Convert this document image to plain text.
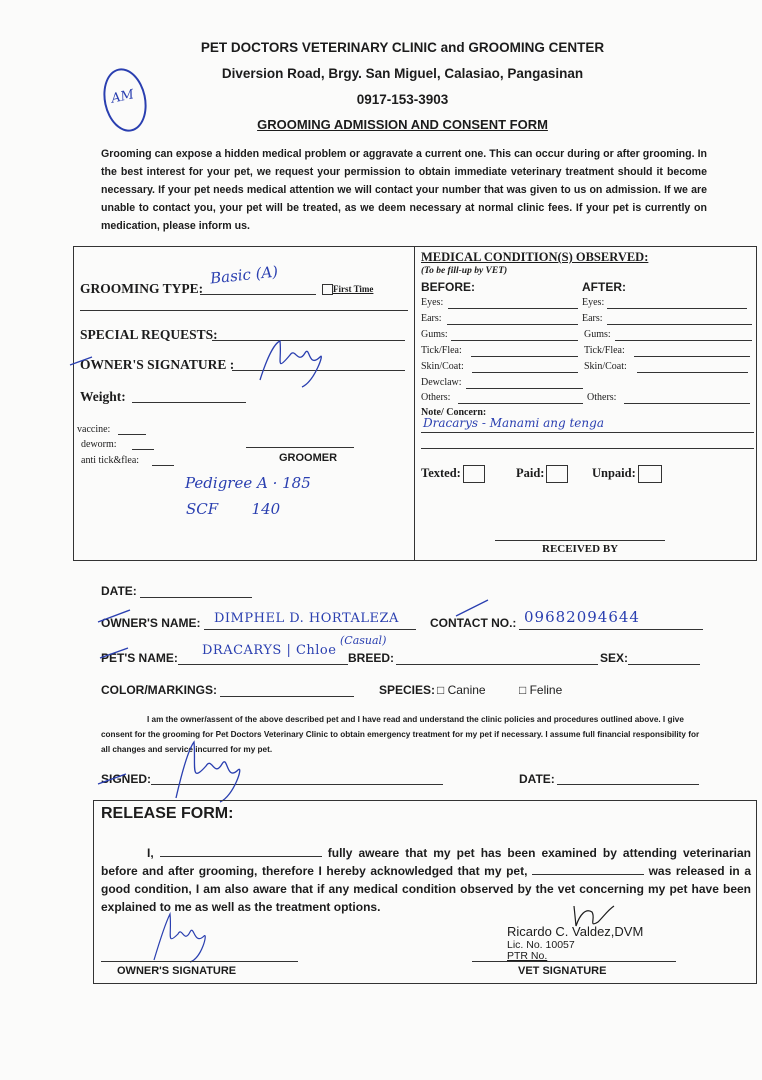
PET DOCTORS VETERINARY CLINIC and GROOMING CENTER
Diversion Road, Brgy. San Miguel, Calasiao, Pangasinan
0917-153-3903
GROOMING ADMISSION AND CONSENT FORM
AM
Grooming can expose a hidden medical problem or aggravate a current one. This can occur during or after grooming. In the best interest for your pet, we request your permission to obtain immediate veterinary treatment should it become necessary. If your pet needs medical attention we will contact your number that was given to us on admission. If we are unable to contact you, your pet will be treated, as we deem necessary at normal clinic fees. If your pet is currently on medication, please inform us.
GROOMING TYPE:
Basic (A)
First Time
SPECIAL REQUESTS:
OWNER'S SIGNATURE :
Weight:
vaccine:
deworm:
anti tick&flea:	GROOMER
Pedigree A · 185
SCF       140
MEDICAL CONDITION(S) OBSERVED:
(To be fill-up by VET)
BEFORE:	AFTER:
Eyes:	Eyes:
Ears:	Ears:
Gums:	Gums:
Tick/Flea:	Tick/Flea:
Skin/Coat:	Skin/Coat:
Dewclaw:
Others:	Others:
Note/ Concern:
Dracarys - Manami ang tenga
Texted:	Paid:	Unpaid:
RECEIVED BY
DATE:
OWNER'S NAME: DIMPHEL D. HORTALEZA	CONTACT NO.: 09682094644
PET'S NAME: DRACARYS | Chloe
(Casual)
BREED:	SEX:
COLOR/MARKINGS:	SPECIES: □ Canine	□ Feline
I am the owner/assent of the above described pet and I have read and understand the clinic policies and procedures outlined above. I give consent for the grooming for Pet Doctors Veterinary Clinic to obtain emergency treatment for my pet if necessary. I assume full financial responsibility for all changes and service incurred for my pet.
SIGNED:	DATE:
RELEASE FORM:
I,	fully aweare that my pet has been examined by attending veterinarian before and after grooming, therefore I hereby acknowledged that my pet,	was released in a good condition, I am also aware that if any medical condition observed by the vet concerning my pet have been explained to me as well as the treatment options.
OWNER'S SIGNATURE
Ricardo C. Valdez,DVM
Lic. No. 10057
PTR No.
VET SIGNATURE
